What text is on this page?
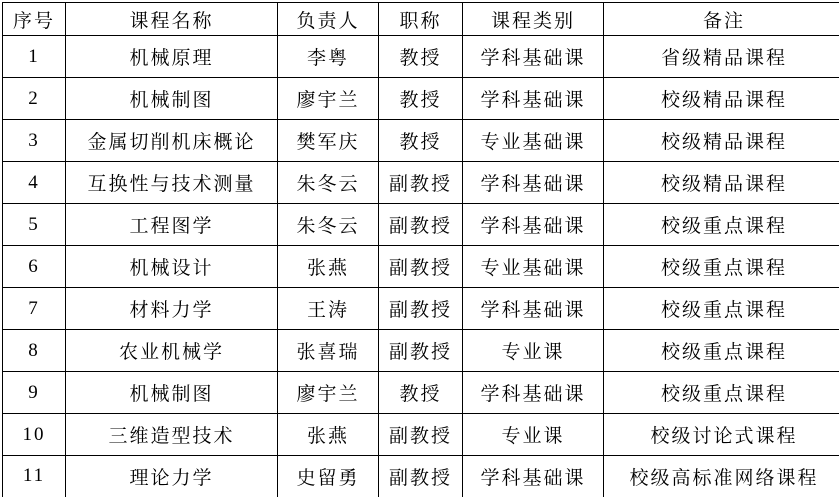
序号	课程名称	负责人	职称	课程类别	备注
1	机械原理	李粤	教授	学科基础课	省级精品课程
2	机械制图	廖宇兰	教授	学科基础课	校级精品课程
3	金属切削机床概论	樊军庆	教授	专业基础课	校级精品课程
4	互换性与技术测量	朱冬云	副教授	学科基础课	校级精品课程
5	工程图学	朱冬云	副教授	学科基础课	校级重点课程
6	机械设计	张燕	副教授	专业基础课	校级重点课程
7	材料力学	王涛	副教授	学科基础课	校级重点课程
8	农业机械学	张喜瑞	副教授	专业课	校级重点课程
9	机械制图	廖宇兰	教授	学科基础课	校级重点课程
10	三维造型技术	张燕	副教授	专业课	校级讨论式课程
11	理论力学	史留勇	副教授	学科基础课	校级高标准网络课程
